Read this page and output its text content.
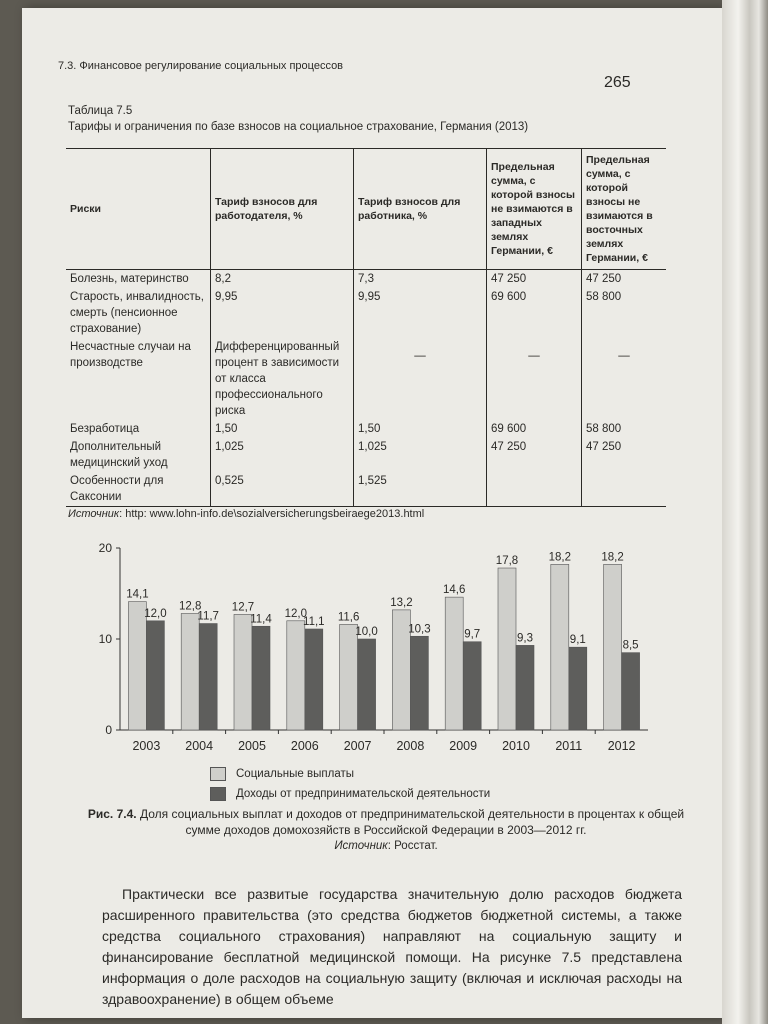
7.3. Финансовое регулирование социальных процессов
265
Таблица 7.5
Тарифы и ограничения по базе взносов на социальное страхование, Германия (2013)
Риски	Тариф взносов для работодателя, %	Тариф взносов для работника, %	Предельная сумма, с которой взносы не взимаются в западных землях Германии, €	Предельная сумма, с которой взносы не взимаются в восточных землях Германии, €
Болезнь, материнство	8,2	7,3	47 250	47 250
Старость, инвалидность, смерть (пенсионное страхование)	9,95	9,95	69 600	58 800
Несчастные случаи на производстве	Дифференцированный процент в зависимости от класса профессионального риска	—	—	—
Безработица	1,50	1,50	69 600	58 800
Дополнительный медицинский уход	1,025	1,025	47 250	47 250
Особенности для Саксонии	0,525	1,525		
Источник: http: www.lohn-info.de\sozialversicherungsbeiraege2013.html
0
10
20
2003
14,1
12,0
2004
12,8
11,7
2005
12,7
11,4
2006
12,0
11,1
2007
11,6
10,0
2008
13,2
10,3
2009
14,6
9,7
2010
17,8
9,3
2011
18,2
9,1
2012
18,2
8,5
Социальные выплаты
Доходы от предпринимательской деятельности
Рис. 7.4. Доля социальных выплат и доходов от предпринимательской деятельности в процентах к общей сумме доходов домохозяйств в Российской Федерации в 2003—2012 гг.
Источник: Росстат.
Практически все развитые государства значительную долю расходов бюджета расширенного правительства (это средства бюджетов бюджетной системы, а также средства социального страхования) направляют на социальную защиту и финансирование бесплатной медицинской помощи. На рисунке 7.5 представлена информация о доле расходов на социальную защиту (включая и исключая расходы на здравоохранение) в общем объеме
